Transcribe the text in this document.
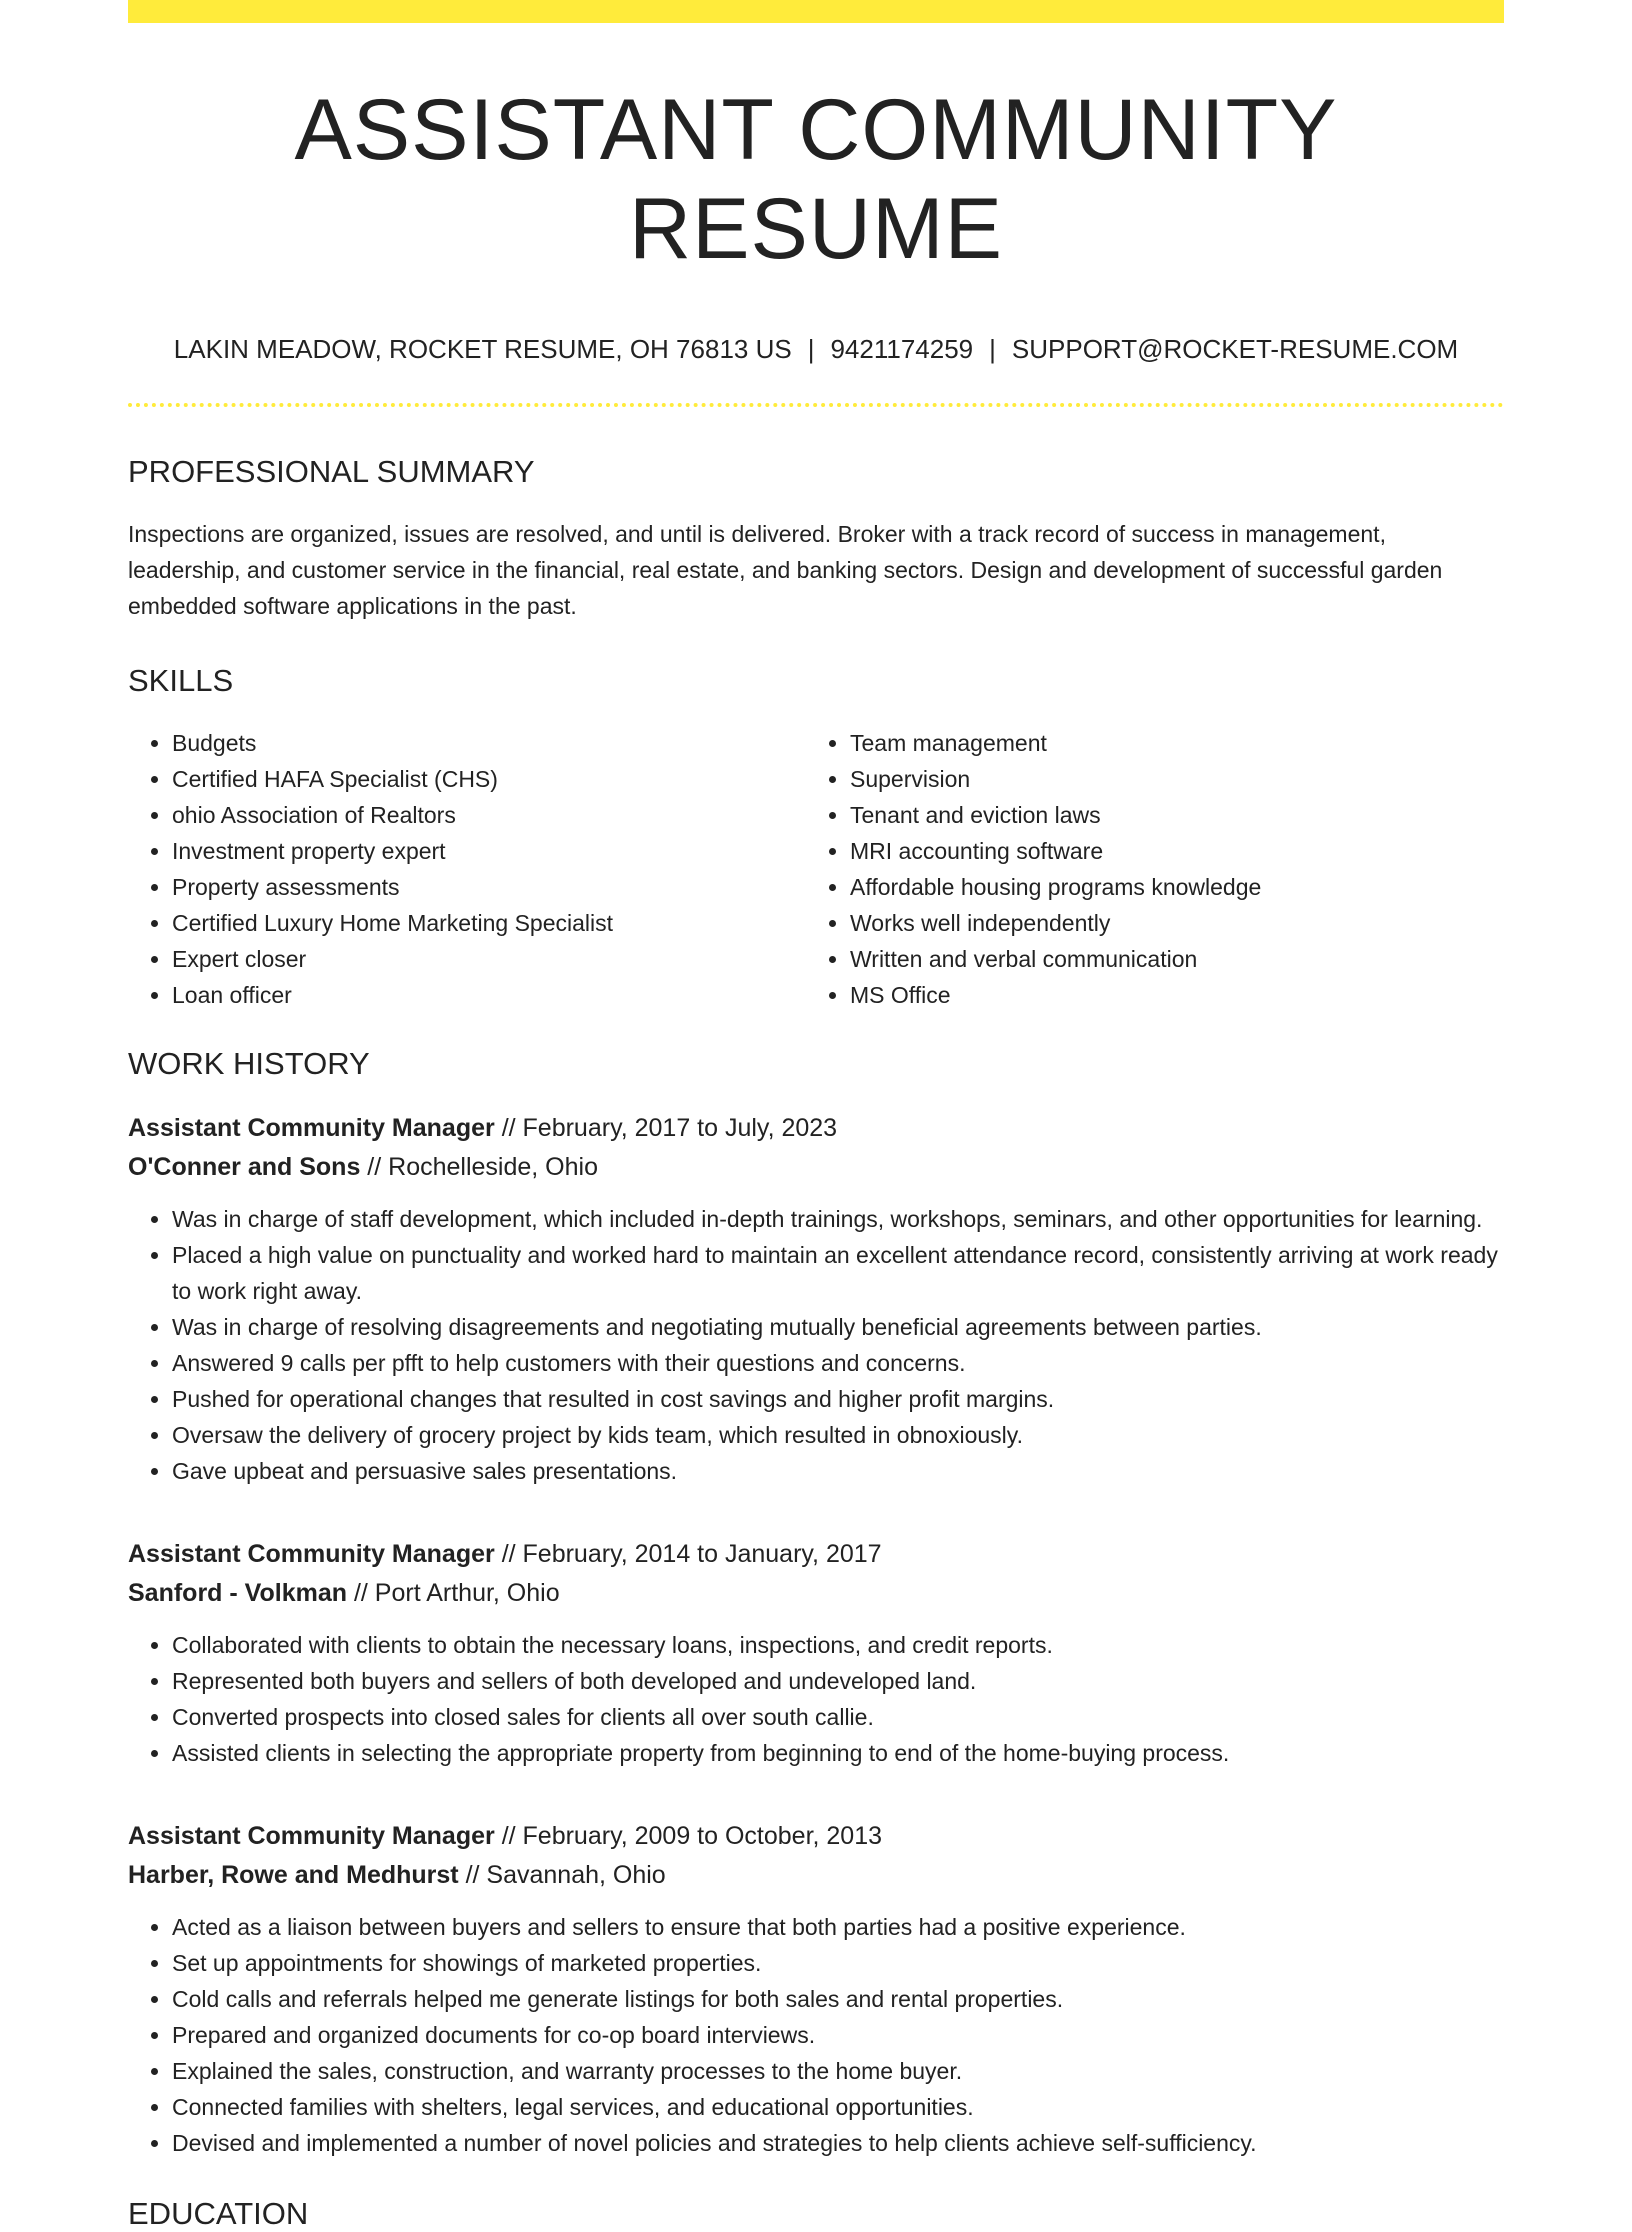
ASSISTANT COMMUNITY RESUME
LAKIN MEADOW, ROCKET RESUME, OH 76813 US | 9421174259 | SUPPORT@ROCKET-RESUME.COM
PROFESSIONAL SUMMARY

Inspections are organized, issues are resolved, and until is delivered. Broker with a track record of success in management, leadership, and customer service in the financial, real estate, and banking sectors. Design and development of successful garden embedded software applications in the past.

SKILLS
• Budgets
• Certified HAFA Specialist (CHS)
• ohio Association of Realtors
• Investment property expert
• Property assessments
• Certified Luxury Home Marketing Specialist
• Expert closer
• Loan officer
• Team management
• Supervision
• Tenant and eviction laws
• MRI accounting software
• Affordable housing programs knowledge
• Works well independently
• Written and verbal communication
• MS Office
WORK HISTORY
Assistant Community Manager // February, 2017 to July, 2023
O'Conner and Sons // Rochelleside, Ohio
• Was in charge of staff development, which included in-depth trainings, workshops, seminars, and other opportunities for learning.
• Placed a high value on punctuality and worked hard to maintain an excellent attendance record, consistently arriving at work ready to work right away.
• Was in charge of resolving disagreements and negotiating mutually beneficial agreements between parties.
• Answered 9 calls per pfft to help customers with their questions and concerns.
• Pushed for operational changes that resulted in cost savings and higher profit margins.
• Oversaw the delivery of grocery project by kids team, which resulted in obnoxiously.
• Gave upbeat and persuasive sales presentations.
Assistant Community Manager // February, 2014 to January, 2017
Sanford - Volkman // Port Arthur, Ohio
• Collaborated with clients to obtain the necessary loans, inspections, and credit reports.
• Represented both buyers and sellers of both developed and undeveloped land.
• Converted prospects into closed sales for clients all over south callie.
• Assisted clients in selecting the appropriate property from beginning to end of the home-buying process.
Assistant Community Manager // February, 2009 to October, 2013
Harber, Rowe and Medhurst // Savannah, Ohio
• Acted as a liaison between buyers and sellers to ensure that both parties had a positive experience.
• Set up appointments for showings of marketed properties.
• Cold calls and referrals helped me generate listings for both sales and rental properties.
• Prepared and organized documents for co-op board interviews.
• Explained the sales, construction, and warranty processes to the home buyer.
• Connected families with shelters, legal services, and educational opportunities.
• Devised and implemented a number of novel policies and strategies to help clients achieve self-sufficiency.
EDUCATION
